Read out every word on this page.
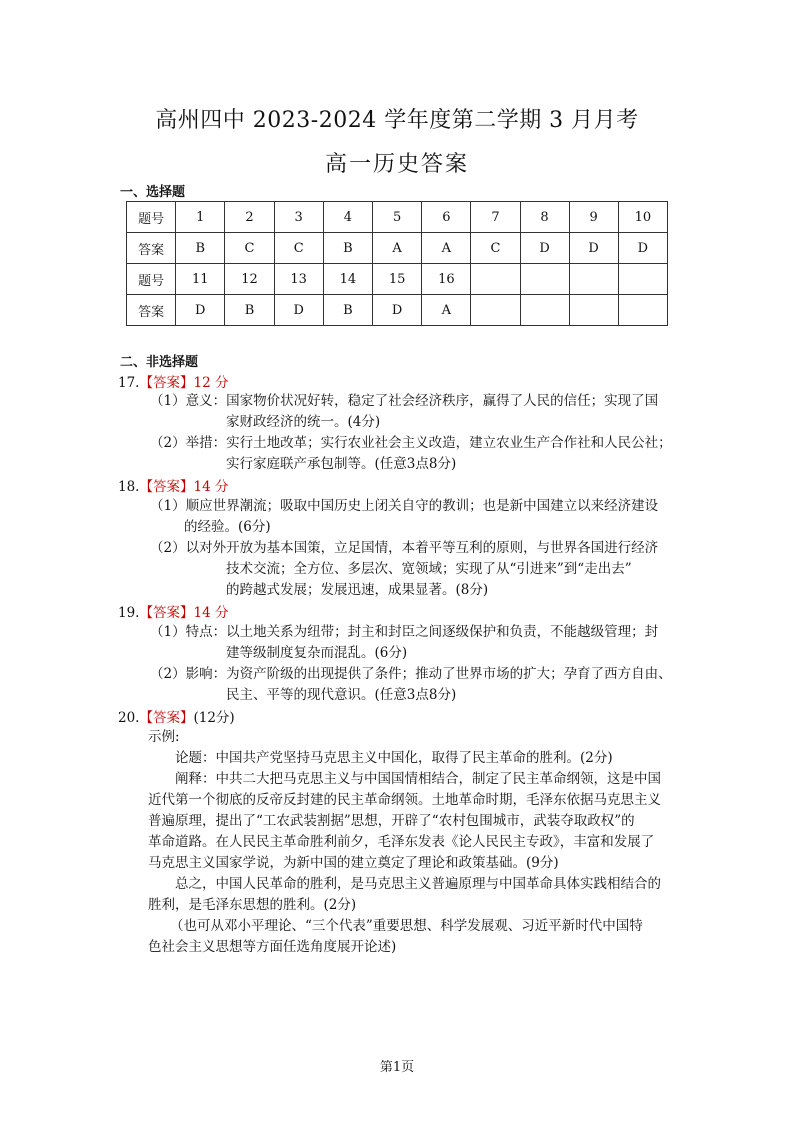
高州四中 2023-2024 学年度第二学期 3 月月考
高一历史答案
一、选择题
题号	1	2	3	4	5	6	7	8	9	10
答案	B	C	C	B	A	A	C	D	D	D
题号	11	12	13	14	15	16				
答案	D	B	D	B	D	A				
二、非选择题
17.【答案】12 分
（1）意义：国家物价状况好转，稳定了社会经济秩序，赢得了人民的信任；实现了国
家财政经济的统一。(4分)
（2）举措：实行土地改革；实行农业社会主义改造，建立农业生产合作社和人民公社；
实行家庭联产承包制等。(任意3点8分)
18.【答案】14 分
（1）顺应世界潮流；吸取中国历史上闭关自守的教训；也是新中国建立以来经济建设
的经验。(6分)
（2）以对外开放为基本国策，立足国情，本着平等互利的原则，与世界各国进行经济
技术交流；全方位、多层次、宽领域；实现了从“引进来”到“走出去”
的跨越式发展；发展迅速，成果显著。(8分)
19.【答案】14 分
（1）特点：以土地关系为纽带；封主和封臣之间逐级保护和负责，不能越级管理；封
建等级制度复杂而混乱。(6分)
（2）影响：为资产阶级的出现提供了条件；推动了世界市场的扩大；孕育了西方自由、
民主、平等的现代意识。(任意3点8分)
20.【答案】(12分)
示例:
论题：中国共产党坚持马克思主义中国化，取得了民主革命的胜利。(2分)
阐释：中共二大把马克思主义与中国国情相结合，制定了民主革命纲领，这是中国
近代第一个彻底的反帝反封建的民主革命纲领。土地革命时期，毛泽东依据马克思主义
普遍原理，提出了“工农武装割据”思想，开辟了“农村包围城市，武装夺取政权”的
革命道路。在人民民主革命胜利前夕，毛泽东发表《论人民民主专政》，丰富和发展了
马克思主义国家学说，为新中国的建立奠定了理论和政策基础。(9分)
总之，中国人民革命的胜利，是马克思主义普遍原理与中国革命具体实践相结合的
胜利，是毛泽东思想的胜利。(2分)
（也可从邓小平理论、“三个代表”重要思想、科学发展观、习近平新时代中国特
色社会主义思想等方面任选角度展开论述)
第1页
